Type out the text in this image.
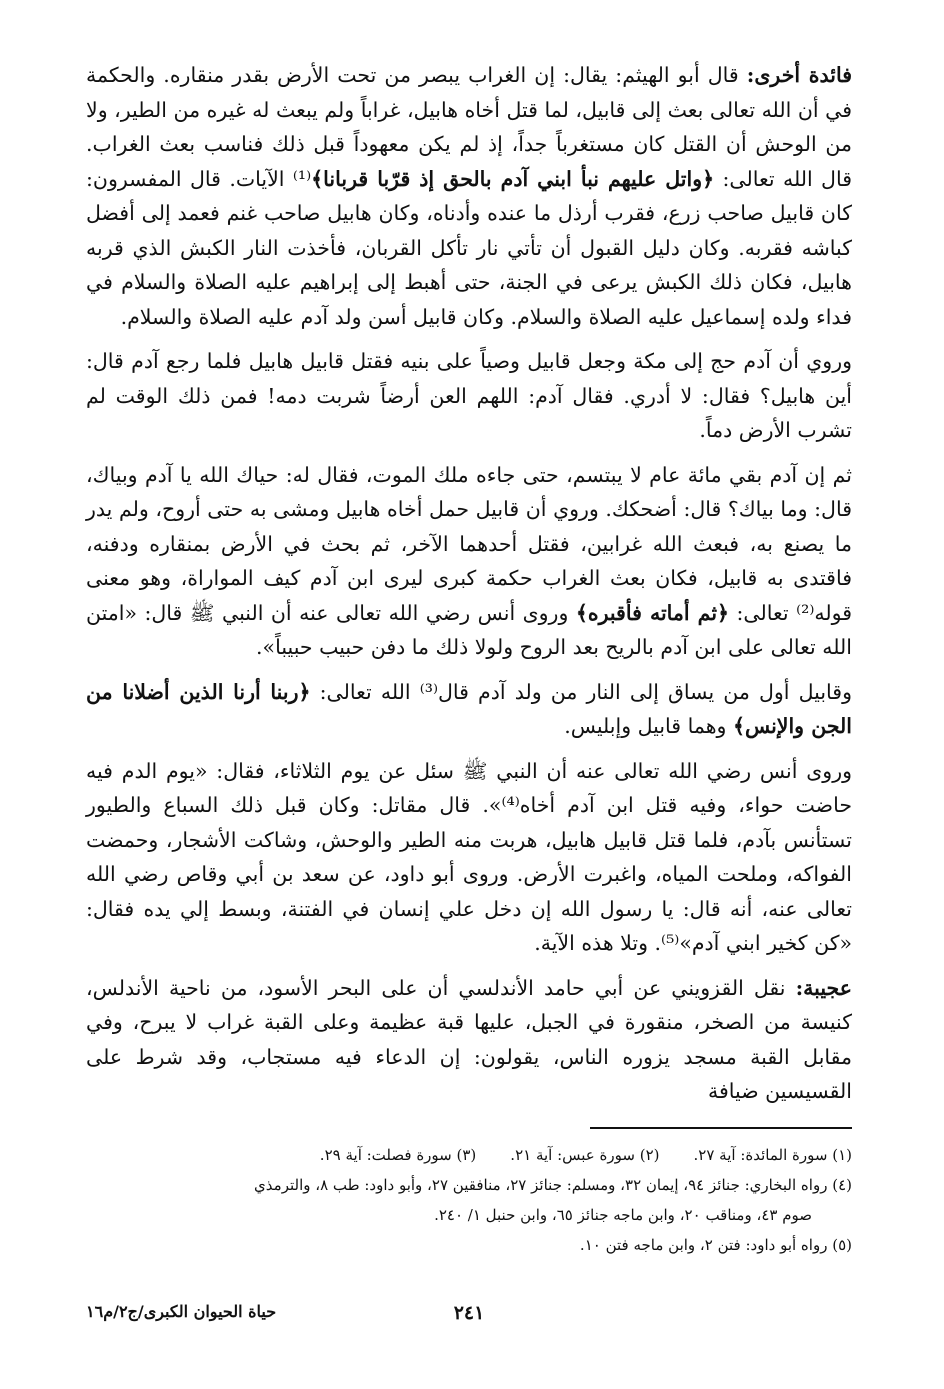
فائدة أخرى: قال أبو الهيثم: يقال: إن الغراب يبصر من تحت الأرض بقدر منقاره. والحكمة في أن الله تعالى بعث إلى قابيل، لما قتل أخاه هابيل، غراباً ولم يبعث له غيره من الطير، ولا من الوحش أن القتل كان مستغرباً جداً، إذ لم يكن معهوداً قبل ذلك فناسب بعث الغراب. قال الله تعالى: ﴿واتل عليهم نبأ ابني آدم بالحق إذ قرّبا قربانا﴾⁽¹⁾ الآيات. قال المفسرون: كان قابيل صاحب زرع، فقرب أرذل ما عنده وأدناه، وكان هابيل صاحب غنم فعمد إلى أفضل كباشه فقربه. وكان دليل القبول أن تأتي نار تأكل القربان، فأخذت النار الكبش الذي قربه هابيل، فكان ذلك الكبش يرعى في الجنة، حتى أهبط إلى إبراهيم عليه الصلاة والسلام في فداء ولده إسماعيل عليه الصلاة والسلام. وكان قابيل أسن ولد آدم عليه الصلاة والسلام.

وروي أن آدم حج إلى مكة وجعل قابيل وصياً على بنيه فقتل قابيل هابيل فلما رجع آدم قال: أين هابيل؟ فقال: لا أدري. فقال آدم: اللهم العن أرضاً شربت دمه! فمن ذلك الوقت لم تشرب الأرض دماً.

ثم إن آدم بقي مائة عام لا يبتسم، حتى جاءه ملك الموت، فقال له: حياك الله يا آدم وبياك، قال: وما بياك؟ قال: أضحكك. وروي أن قابيل حمل أخاه هابيل ومشى به حتى أروح، ولم يدر ما يصنع به، فبعث الله غرابين، فقتل أحدهما الآخر، ثم بحث في الأرض بمنقاره ودفنه، فاقتدى به قابيل، فكان بعث الغراب حكمة كبرى ليرى ابن آدم كيف المواراة، وهو معنى قوله⁽²⁾ تعالى: ﴿ثم أماته فأقبره﴾ وروى أنس رضي الله تعالى عنه أن النبي ﷺ قال: «امتن الله تعالى على ابن آدم بالريح بعد الروح ولولا ذلك ما دفن حبيب حبيباً».

وقابيل أول من يساق إلى النار من ولد آدم قال⁽³⁾ الله تعالى: ﴿ربنا أرنا الذين أضلانا من الجن والإنس﴾ وهما قابيل وإبليس.

وروى أنس رضي الله تعالى عنه أن النبي ﷺ سئل عن يوم الثلاثاء، فقال: «يوم الدم فيه حاضت حواء، وفيه قتل ابن آدم أخاه⁽⁴⁾». قال مقاتل: وكان قبل ذلك السباع والطيور تستأنس بآدم، فلما قتل قابيل هابيل، هربت منه الطير والوحش، وشاكت الأشجار، وحمضت الفواكه، وملحت المياه، واغبرت الأرض. وروى أبو داود، عن سعد بن أبي وقاص رضي الله تعالى عنه، أنه قال: يا رسول الله إن دخل علي إنسان في الفتنة، وبسط إلي يده فقال: «كن كخير ابني آدم»⁽⁵⁾. وتلا هذه الآية.

عجيبة: نقل القزويني عن أبي حامد الأندلسي أن على البحر الأسود، من ناحية الأندلس، كنيسة من الصخر، منقورة في الجبل، عليها قبة عظيمة وعلى القبة غراب لا يبرح، وفي مقابل القبة مسجد يزوره الناس، يقولون: إن الدعاء فيه مستجاب، وقد شرط على القسيسين ضيافة

(١) سورة المائدة: آية ٢٧.
(٢) سورة عبس: آية ٢١.
(٣) سورة فصلت: آية ٢٩.
(٤) رواه البخاري: جنائز ٩٤، إيمان ٣٢، ومسلم: جنائز ٢٧، منافقين ٢٧، وأبو داود: طب ٨، والترمذي
صوم ٤٣، ومناقب ٢٠، وابن ماجه جنائز ٦٥، وابن حنبل ١/ ٢٤٠.
(٥) رواه أبو داود: فتن ٢، وابن ماجه فتن ١٠.
٢٤١
حياة الحيوان الكبرى/ج٢/م١٦
